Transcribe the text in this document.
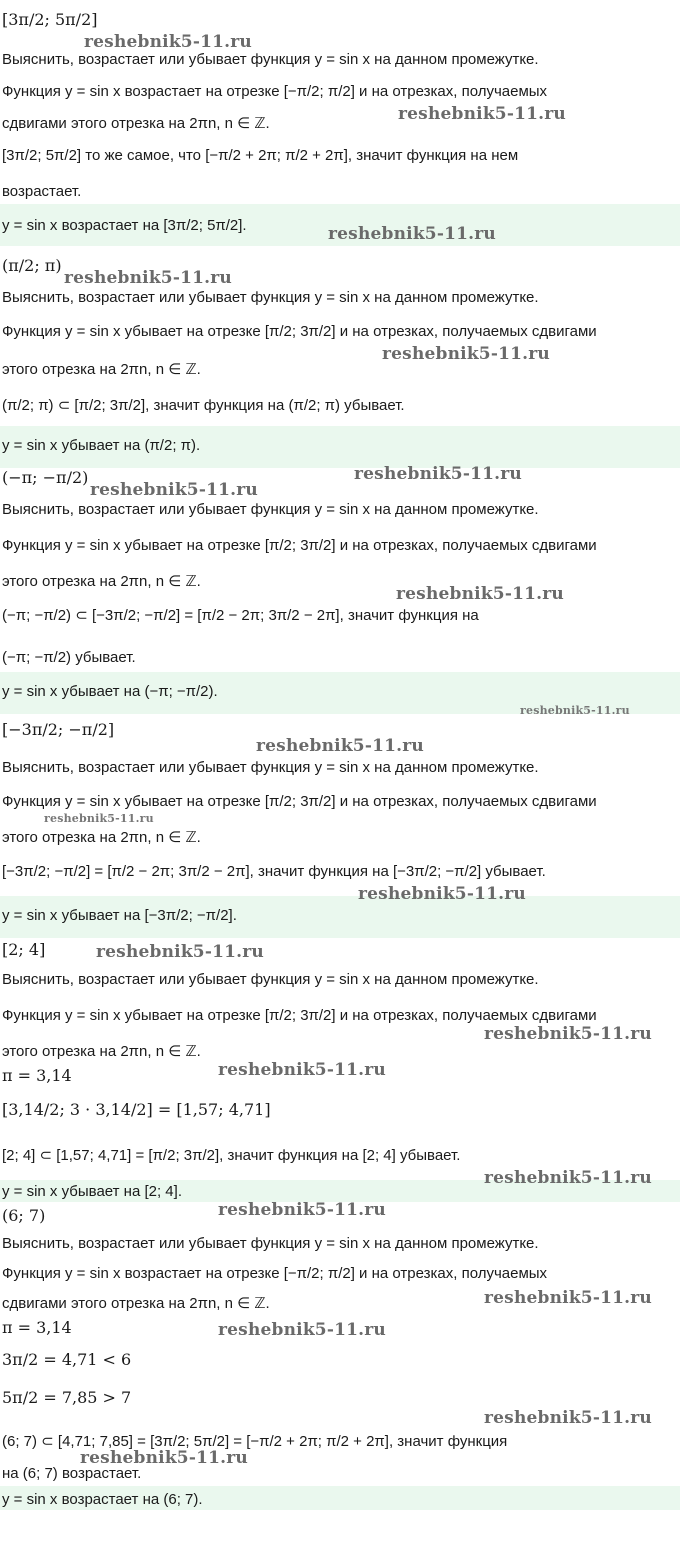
[3π/2; 5π/2]
Выяснить, возрастает или убывает функция y = sin x на данном промежутке.
Функция y = sin x возрастает на отрезке [−π/2; π/2] и на отрезках, получаемых
сдвигами этого отрезка на 2πn, n ∈ ℤ.
[3π/2; 5π/2] то же самое, что [−π/2 + 2π; π/2 + 2π], значит функция на нем
возрастает.
y = sin x возрастает на [3π/2; 5π/2].
(π/2; π)
Выяснить, возрастает или убывает функция y = sin x на данном промежутке.
Функция y = sin x убывает на отрезке [π/2; 3π/2] и на отрезках, получаемых сдвигами
этого отрезка на 2πn, n ∈ ℤ.
(π/2; π) ⊂ [π/2; 3π/2], значит функция на (π/2; π) убывает.
y = sin x убывает на (π/2; π).
(−π; −π/2)
Выяснить, возрастает или убывает функция y = sin x на данном промежутке.
Функция y = sin x убывает на отрезке [π/2; 3π/2] и на отрезках, получаемых сдвигами
этого отрезка на 2πn, n ∈ ℤ.
(−π; −π/2) ⊂ [−3π/2; −π/2] = [π/2 − 2π; 3π/2 − 2π], значит функция на
(−π; −π/2) убывает.
y = sin x убывает на (−π; −π/2).
[−3π/2; −π/2]
Выяснить, возрастает или убывает функция y = sin x на данном промежутке.
Функция y = sin x убывает на отрезке [π/2; 3π/2] и на отрезках, получаемых сдвигами
этого отрезка на 2πn, n ∈ ℤ.
[−3π/2; −π/2] = [π/2 − 2π; 3π/2 − 2π], значит функция на [−3π/2; −π/2] убывает.
y = sin x убывает на [−3π/2; −π/2].
[2; 4]
Выяснить, возрастает или убывает функция y = sin x на данном промежутке.
Функция y = sin x убывает на отрезке [π/2; 3π/2] и на отрезках, получаемых сдвигами
этого отрезка на 2πn, n ∈ ℤ.
π = 3,14
[3,14/2; 3 · 3,14/2] = [1,57; 4,71]
[2; 4] ⊂ [1,57; 4,71] = [π/2; 3π/2], значит функция на [2; 4] убывает.
y = sin x убывает на [2; 4].
(6; 7)
Выяснить, возрастает или убывает функция y = sin x на данном промежутке.
Функция y = sin x возрастает на отрезке [−π/2; π/2] и на отрезках, получаемых
сдвигами этого отрезка на 2πn, n ∈ ℤ.
π = 3,14
3π/2 = 4,71 < 6
5π/2 = 7,85 > 7
(6; 7) ⊂ [4,71; 7,85] = [3π/2; 5π/2] = [−π/2 + 2π; π/2 + 2π], значит функция
на (6; 7) возрастает.
y = sin x возрастает на (6; 7).
reshebnik5-11.ru
reshebnik5-11.ru
reshebnik5-11.ru
reshebnik5-11.ru
reshebnik5-11.ru
reshebnik5-11.ru
reshebnik5-11.ru
reshebnik5-11.ru
reshebnik5-11.ru
reshebnik5-11.ru
reshebnik5-11.ru
reshebnik5-11.ru
reshebnik5-11.ru
reshebnik5-11.ru
reshebnik5-11.ru
reshebnik5-11.ru
reshebnik5-11.ru
reshebnik5-11.ru
reshebnik5-11.ru
reshebnik5-11.ru
reshebnik5-11.ru
